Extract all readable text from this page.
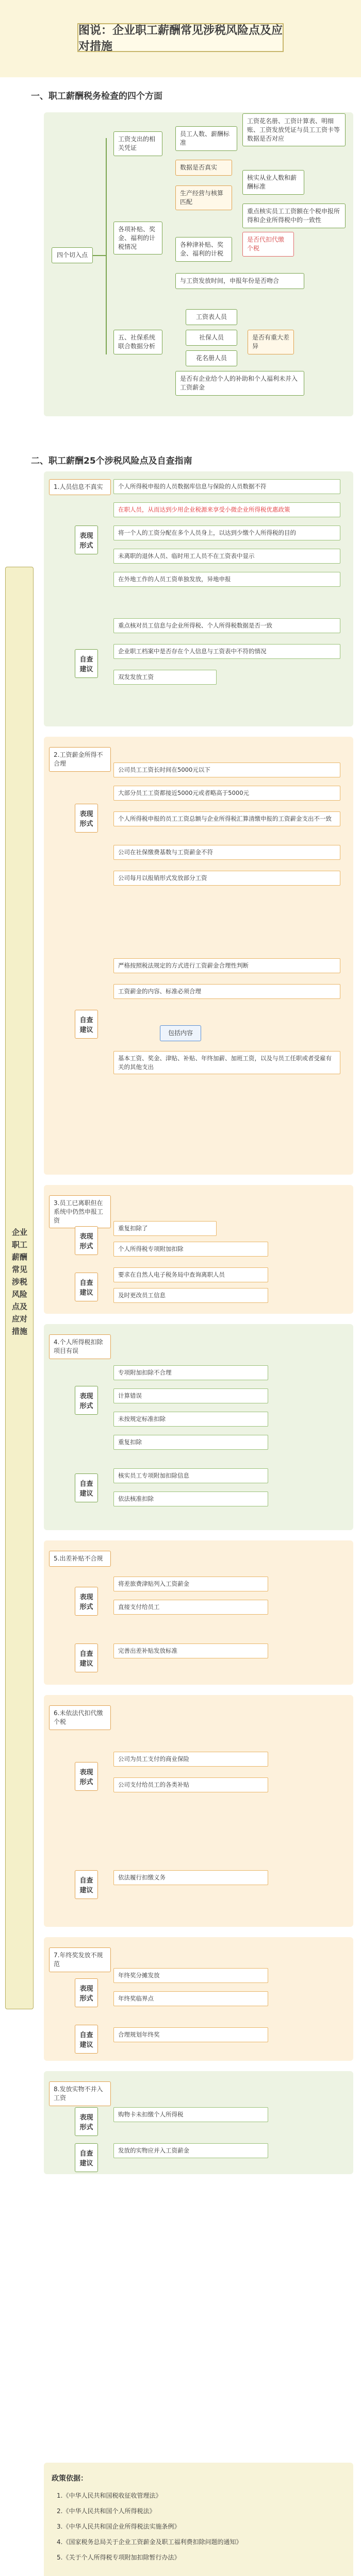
图说：企业职工薪酬常见涉税风险点及应对措施
一、职工薪酬税务检查的四个方面
四个切入点
工资支出的相关凭证
各项补贴、奖金、福利的计税情况
五、社保系统联合数据分析
员工人数、薪酬标准
数据是否真实
生产经营与核算匹配
核实从业人数和薪酬标准
工资花名册、工资计算表、明细账、工资发放凭证与员工工资卡等数据是否对应
重点核实员工工资额在个税申报所得和企业所得税中的一致性
各种津补贴、奖金、福利的计税
是否代扣代缴个税
工资表人员
社保人员
花名册人员
是否有重大差异
与工资发放时间，申报年份是否吻合
是否有企业给个人的补助和个人福利未并入工资薪金
二、职工薪酬25个涉税风险点及自查指南
企业职工薪酬常见涉税风险点及应对措施
1.人员信息不真实
表现形式
自查建议
个人所得税申报的人员数据库信息与保险的人员数据不符
在职人员，从而达到少用企业税源来享受小微企业所得税优惠政策
将一个人的工资分配在多个人员身上，以达到少缴个人所得税的目的
未离职的退休人员、临时用工人员不在工资表中显示
在外地工作的人员工资单独发放，异地申报
重点核对员工信息与企业所得税、个人所得税数据是否一致
企业职工档案中是否存在个人信息与工资表中不符的情况
双发发放工资
2.工资薪金所得不合理
表现形式
自查建议
公司员工工资长时间在5000元以下
大部分员工工资都接近5000元或者略高于5000元
个人所得税申报的员工工资总额与企业所得税汇算清缴申报的工资薪金支出不一致
公司在社保缴费基数与工资薪金不符
公司每月以报销形式发放部分工资
严格按照税法规定的方式进行工资薪金合理性判断
工资薪金的内容、标准必须合理
包括内容
基本工资、奖金、津贴、补贴、年终加薪、加班工资，以及与员工任职或者受雇有关的其他支出
3.员工已离职但在系统中仍然申报工资
表现形式
自查建议
重复扣除了
个人所得税专项附加扣除
要求在自然人电子税务局中查询离职人员
及时更改员工信息
4.个人所得税扣除项目有误
表现形式
自查建议
专项附加扣除不合理
计算错误
未按规定标准扣除
重复扣除
核实员工专项附加扣除信息
依法核准扣除
5.出差补贴不合规
表现形式
自查建议
将差旅费津贴列入工资薪金
直接支付给员工
完善出差补贴发放标准
6.未依法代扣代缴个税
表现形式
自查建议
公司为员工支付的商业保险
公司支付给员工的各类补贴
依法履行扣缴义务
7.年终奖发放不规范
表现形式
自查建议
年终奖分摊发放
年终奖临界点
合理规划年终奖
8.发放实物不并入工资
表现形式
自查建议
购物卡未扣缴个人所得税
发放的实物应并入工资薪金
政策依据：
1.《中华人民共和国税收征收管理法》
2.《中华人民共和国个人所得税法》
3.《中华人民共和国企业所得税法实施条例》
4.《国家税务总局关于企业工资薪金及职工福利费扣除问题的通知》
5.《关于个人所得税专项附加扣除暂行办法》
